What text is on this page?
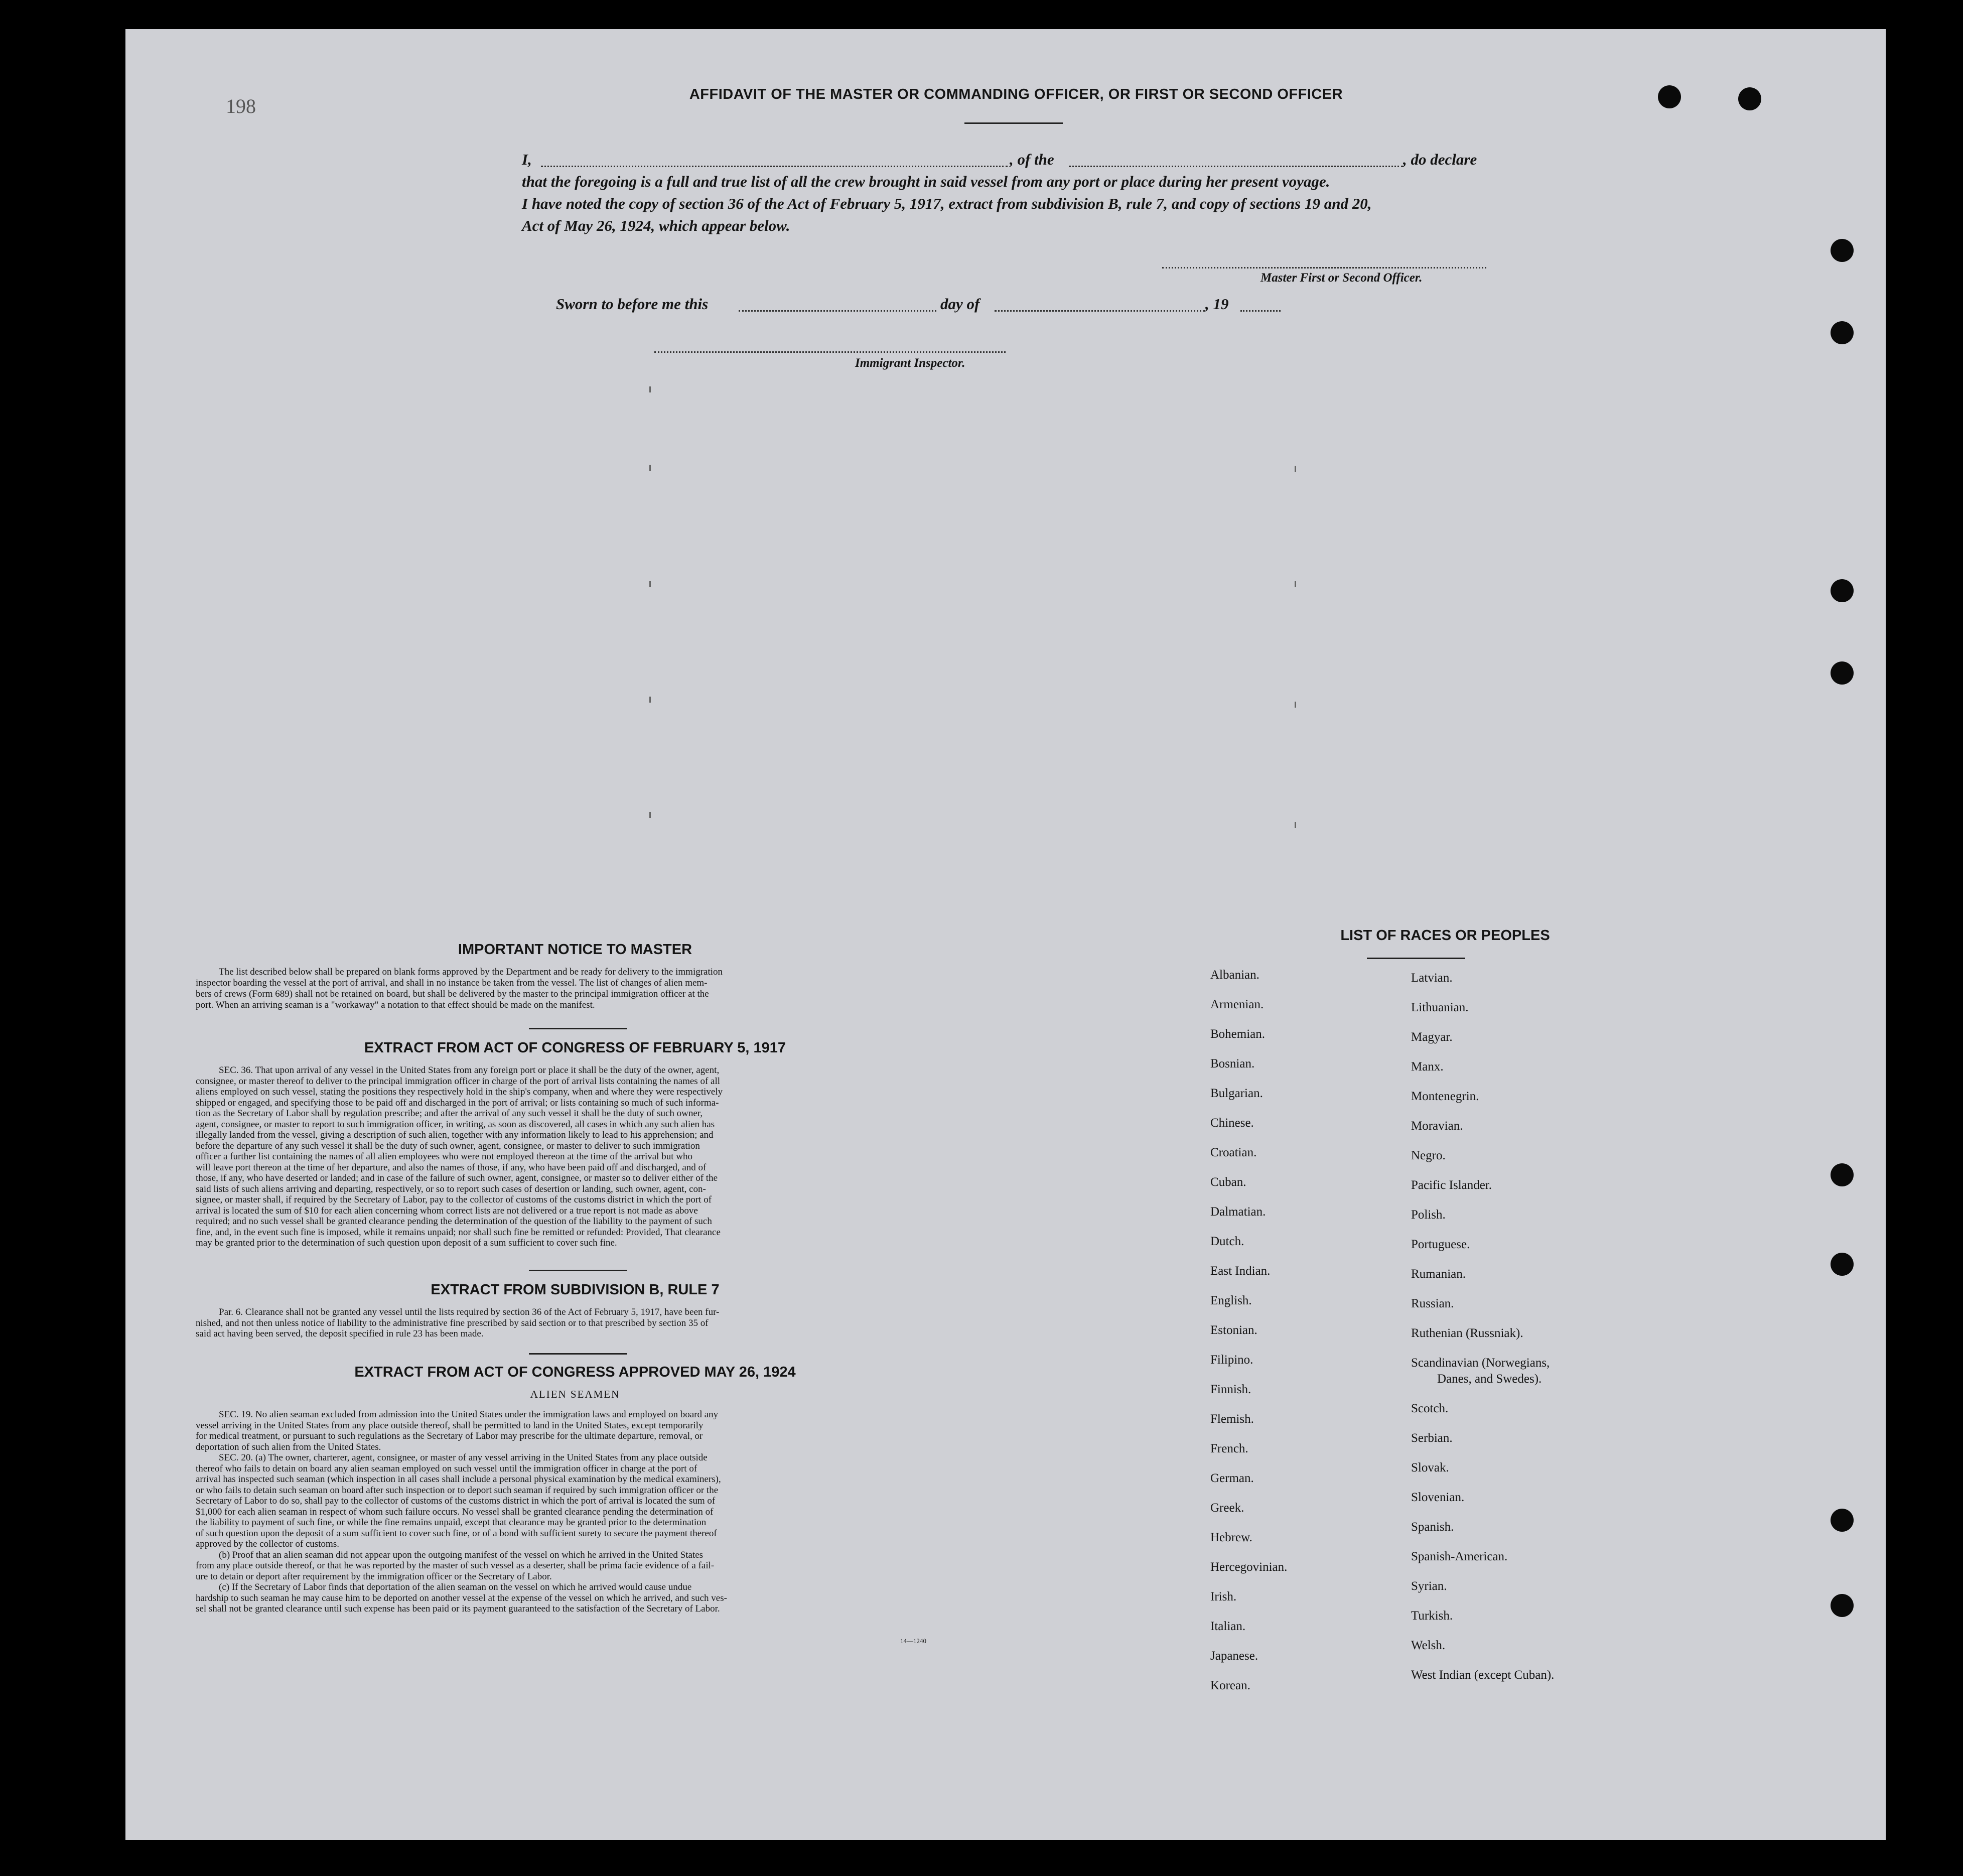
198
AFFIDAVIT OF THE MASTER OR COMMANDING OFFICER, OR FIRST OR SECOND OFFICER
I,	, of the	, do declare
that the foregoing is a full and true list of all the crew brought in said vessel from any port or place during her present voyage.
I have noted the copy of section 36 of the Act of February 5, 1917, extract from subdivision B, rule 7, and copy of sections 19 and 20,
Act of May 26, 1924, which appear below.
Master First or Second Officer.
Sworn to before me this	day of	, 19
Immigrant Inspector.
IMPORTANT NOTICE TO MASTER
The list described below shall be prepared on blank forms approved by the Department and be ready for delivery to the immigration
inspector boarding the vessel at the port of arrival, and shall in no instance be taken from the vessel. The list of changes of alien mem-
bers of crews (Form 689) shall not be retained on board, but shall be delivered by the master to the principal immigration officer at the
port. When an arriving seaman is a "workaway" a notation to that effect should be made on the manifest.
EXTRACT FROM ACT OF CONGRESS OF FEBRUARY 5, 1917
SEC. 36. That upon arrival of any vessel in the United States from any foreign port or place it shall be the duty of the owner, agent,
consignee, or master thereof to deliver to the principal immigration officer in charge of the port of arrival lists containing the names of all
aliens employed on such vessel, stating the positions they respectively hold in the ship's company, when and where they were respectively
shipped or engaged, and specifying those to be paid off and discharged in the port of arrival; or lists containing so much of such informa-
tion as the Secretary of Labor shall by regulation prescribe; and after the arrival of any such vessel it shall be the duty of such owner,
agent, consignee, or master to report to such immigration officer, in writing, as soon as discovered, all cases in which any such alien has
illegally landed from the vessel, giving a description of such alien, together with any information likely to lead to his apprehension; and
before the departure of any such vessel it shall be the duty of such owner, agent, consignee, or master to deliver to such immigration
officer a further list containing the names of all alien employees who were not employed thereon at the time of the arrival but who
will leave port thereon at the time of her departure, and also the names of those, if any, who have been paid off and discharged, and of
those, if any, who have deserted or landed; and in case of the failure of such owner, agent, consignee, or master so to deliver either of the
said lists of such aliens arriving and departing, respectively, or so to report such cases of desertion or landing, such owner, agent, con-
signee, or master shall, if required by the Secretary of Labor, pay to the collector of customs of the customs district in which the port of
arrival is located the sum of $10 for each alien concerning whom correct lists are not delivered or a true report is not made as above
required; and no such vessel shall be granted clearance pending the determination of the question of the liability to the payment of such
fine, and, in the event such fine is imposed, while it remains unpaid; nor shall such fine be remitted or refunded: Provided, That clearance
may be granted prior to the determination of such question upon deposit of a sum sufficient to cover such fine.
EXTRACT FROM SUBDIVISION B, RULE 7
Par. 6. Clearance shall not be granted any vessel until the lists required by section 36 of the Act of February 5, 1917, have been fur-
nished, and not then unless notice of liability to the administrative fine prescribed by said section or to that prescribed by section 35 of
said act having been served, the deposit specified in rule 23 has been made.
EXTRACT FROM ACT OF CONGRESS APPROVED MAY 26, 1924
ALIEN SEAMEN
SEC. 19. No alien seaman excluded from admission into the United States under the immigration laws and employed on board any
vessel arriving in the United States from any place outside thereof, shall be permitted to land in the United States, except temporarily
for medical treatment, or pursuant to such regulations as the Secretary of Labor may prescribe for the ultimate departure, removal, or
deportation of such alien from the United States.
SEC. 20. (a) The owner, charterer, agent, consignee, or master of any vessel arriving in the United States from any place outside
thereof who fails to detain on board any alien seaman employed on such vessel until the immigration officer in charge at the port of
arrival has inspected such seaman (which inspection in all cases shall include a personal physical examination by the medical examiners),
or who fails to detain such seaman on board after such inspection or to deport such seaman if required by such immigration officer or the
Secretary of Labor to do so, shall pay to the collector of customs of the customs district in which the port of arrival is located the sum of
$1,000 for each alien seaman in respect of whom such failure occurs. No vessel shall be granted clearance pending the determination of
the liability to payment of such fine, or while the fine remains unpaid, except that clearance may be granted prior to the determination
of such question upon the deposit of a sum sufficient to cover such fine, or of a bond with sufficient surety to secure the payment thereof
approved by the collector of customs.
(b) Proof that an alien seaman did not appear upon the outgoing manifest of the vessel on which he arrived in the United States
from any place outside thereof, or that he was reported by the master of such vessel as a deserter, shall be prima facie evidence of a fail-
ure to detain or deport after requirement by the immigration officer or the Secretary of Labor.
(c) If the Secretary of Labor finds that deportation of the alien seaman on the vessel on which he arrived would cause undue
hardship to such seaman he may cause him to be deported on another vessel at the expense of the vessel on which he arrived, and such ves-
sel shall not be granted clearance until such expense has been paid or its payment guaranteed to the satisfaction of the Secretary of Labor.
14—1240
LIST OF RACES OR PEOPLES
Albanian.
Armenian.
Bohemian.
Bosnian.
Bulgarian.
Chinese.
Croatian.
Cuban.
Dalmatian.
Dutch.
East Indian.
English.
Estonian.
Filipino.
Finnish.
Flemish.
French.
German.
Greek.
Hebrew.
Hercegovinian.
Irish.
Italian.
Japanese.
Korean.
Latvian.
Lithuanian.
Magyar.
Manx.
Montenegrin.
Moravian.
Negro.
Pacific Islander.
Polish.
Portuguese.
Rumanian.
Russian.
Ruthenian (Russniak).
Scandinavian (Norwegians,
Danes, and Swedes).
Scotch.
Serbian.
Slovak.
Slovenian.
Spanish.
Spanish-American.
Syrian.
Turkish.
Welsh.
West Indian (except Cuban).
